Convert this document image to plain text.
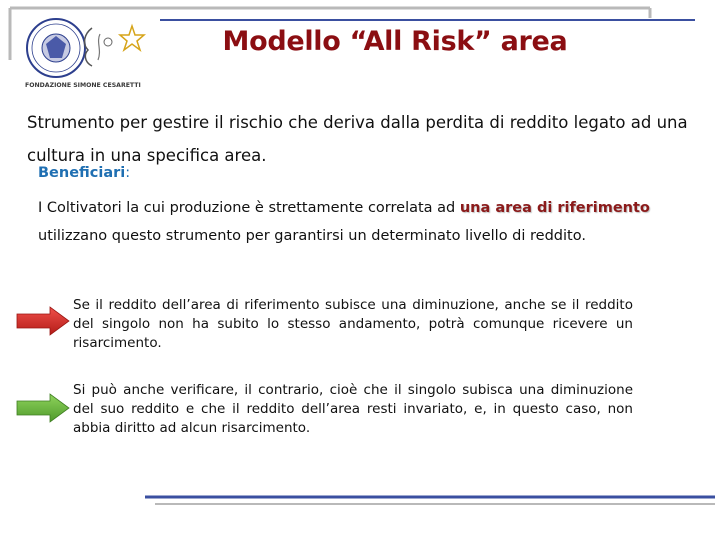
FONDAZIONE SIMONE CESARETTI
Modello “All Risk” area
Strumento per gestire il rischio che deriva dalla perdita di reddito legato ad una cultura in una specifica area.
Beneficiari:
I Coltivatori la cui produzione è strettamente correlata ad una area di riferimento utilizzano questo strumento per garantirsi un determinato livello di reddito.
Se il reddito dell’area di riferimento subisce una diminuzione, anche se il reddito del singolo non ha subito lo stesso andamento, potrà comunque ricevere un risarcimento.
Si può anche verificare, il contrario, cioè che il singolo subisca una diminuzione del suo reddito e che il reddito dell’area resti invariato, e, in questo caso, non abbia diritto ad alcun risarcimento.
